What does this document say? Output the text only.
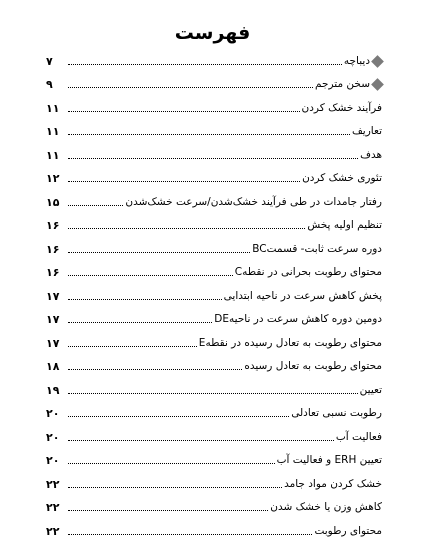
فهرست
دیباچه
۷
سخن مترجم
۹
فرآیند خشک کردن
۱۱
تعاریف
۱۱
هدف
۱۱
تئوری خشک کردن
۱۲
رفتار جامدات در طی فرآیند خشک‌شدن/سرعت خشک‌شدن
۱۵
تنظیم اولیه پخش
۱۶
دوره سرعت ثابت- قسمتBC
۱۶
محتوای رطوبت بحرانی در نقطهC
۱۶
پخش کاهش سرعت در ناحیه ابتدایی
۱۷
دومین دوره کاهش سرعت در ناحیهDE
۱۷
محتوای رطوبت به تعادل رسیده در نقطهE
۱۷
محتوای رطوبت به تعادل رسیده
۱۸
تعیین
۱۹
رطوبت نسبی تعادلی
۲۰
فعالیت آب
۲۰
تعیین ERH و فعالیت آب
۲۰
خشک کردن مواد جامد
۲۲
کاهش وزن یا خشک شدن
۲۲
محتوای رطوبت
۲۲
